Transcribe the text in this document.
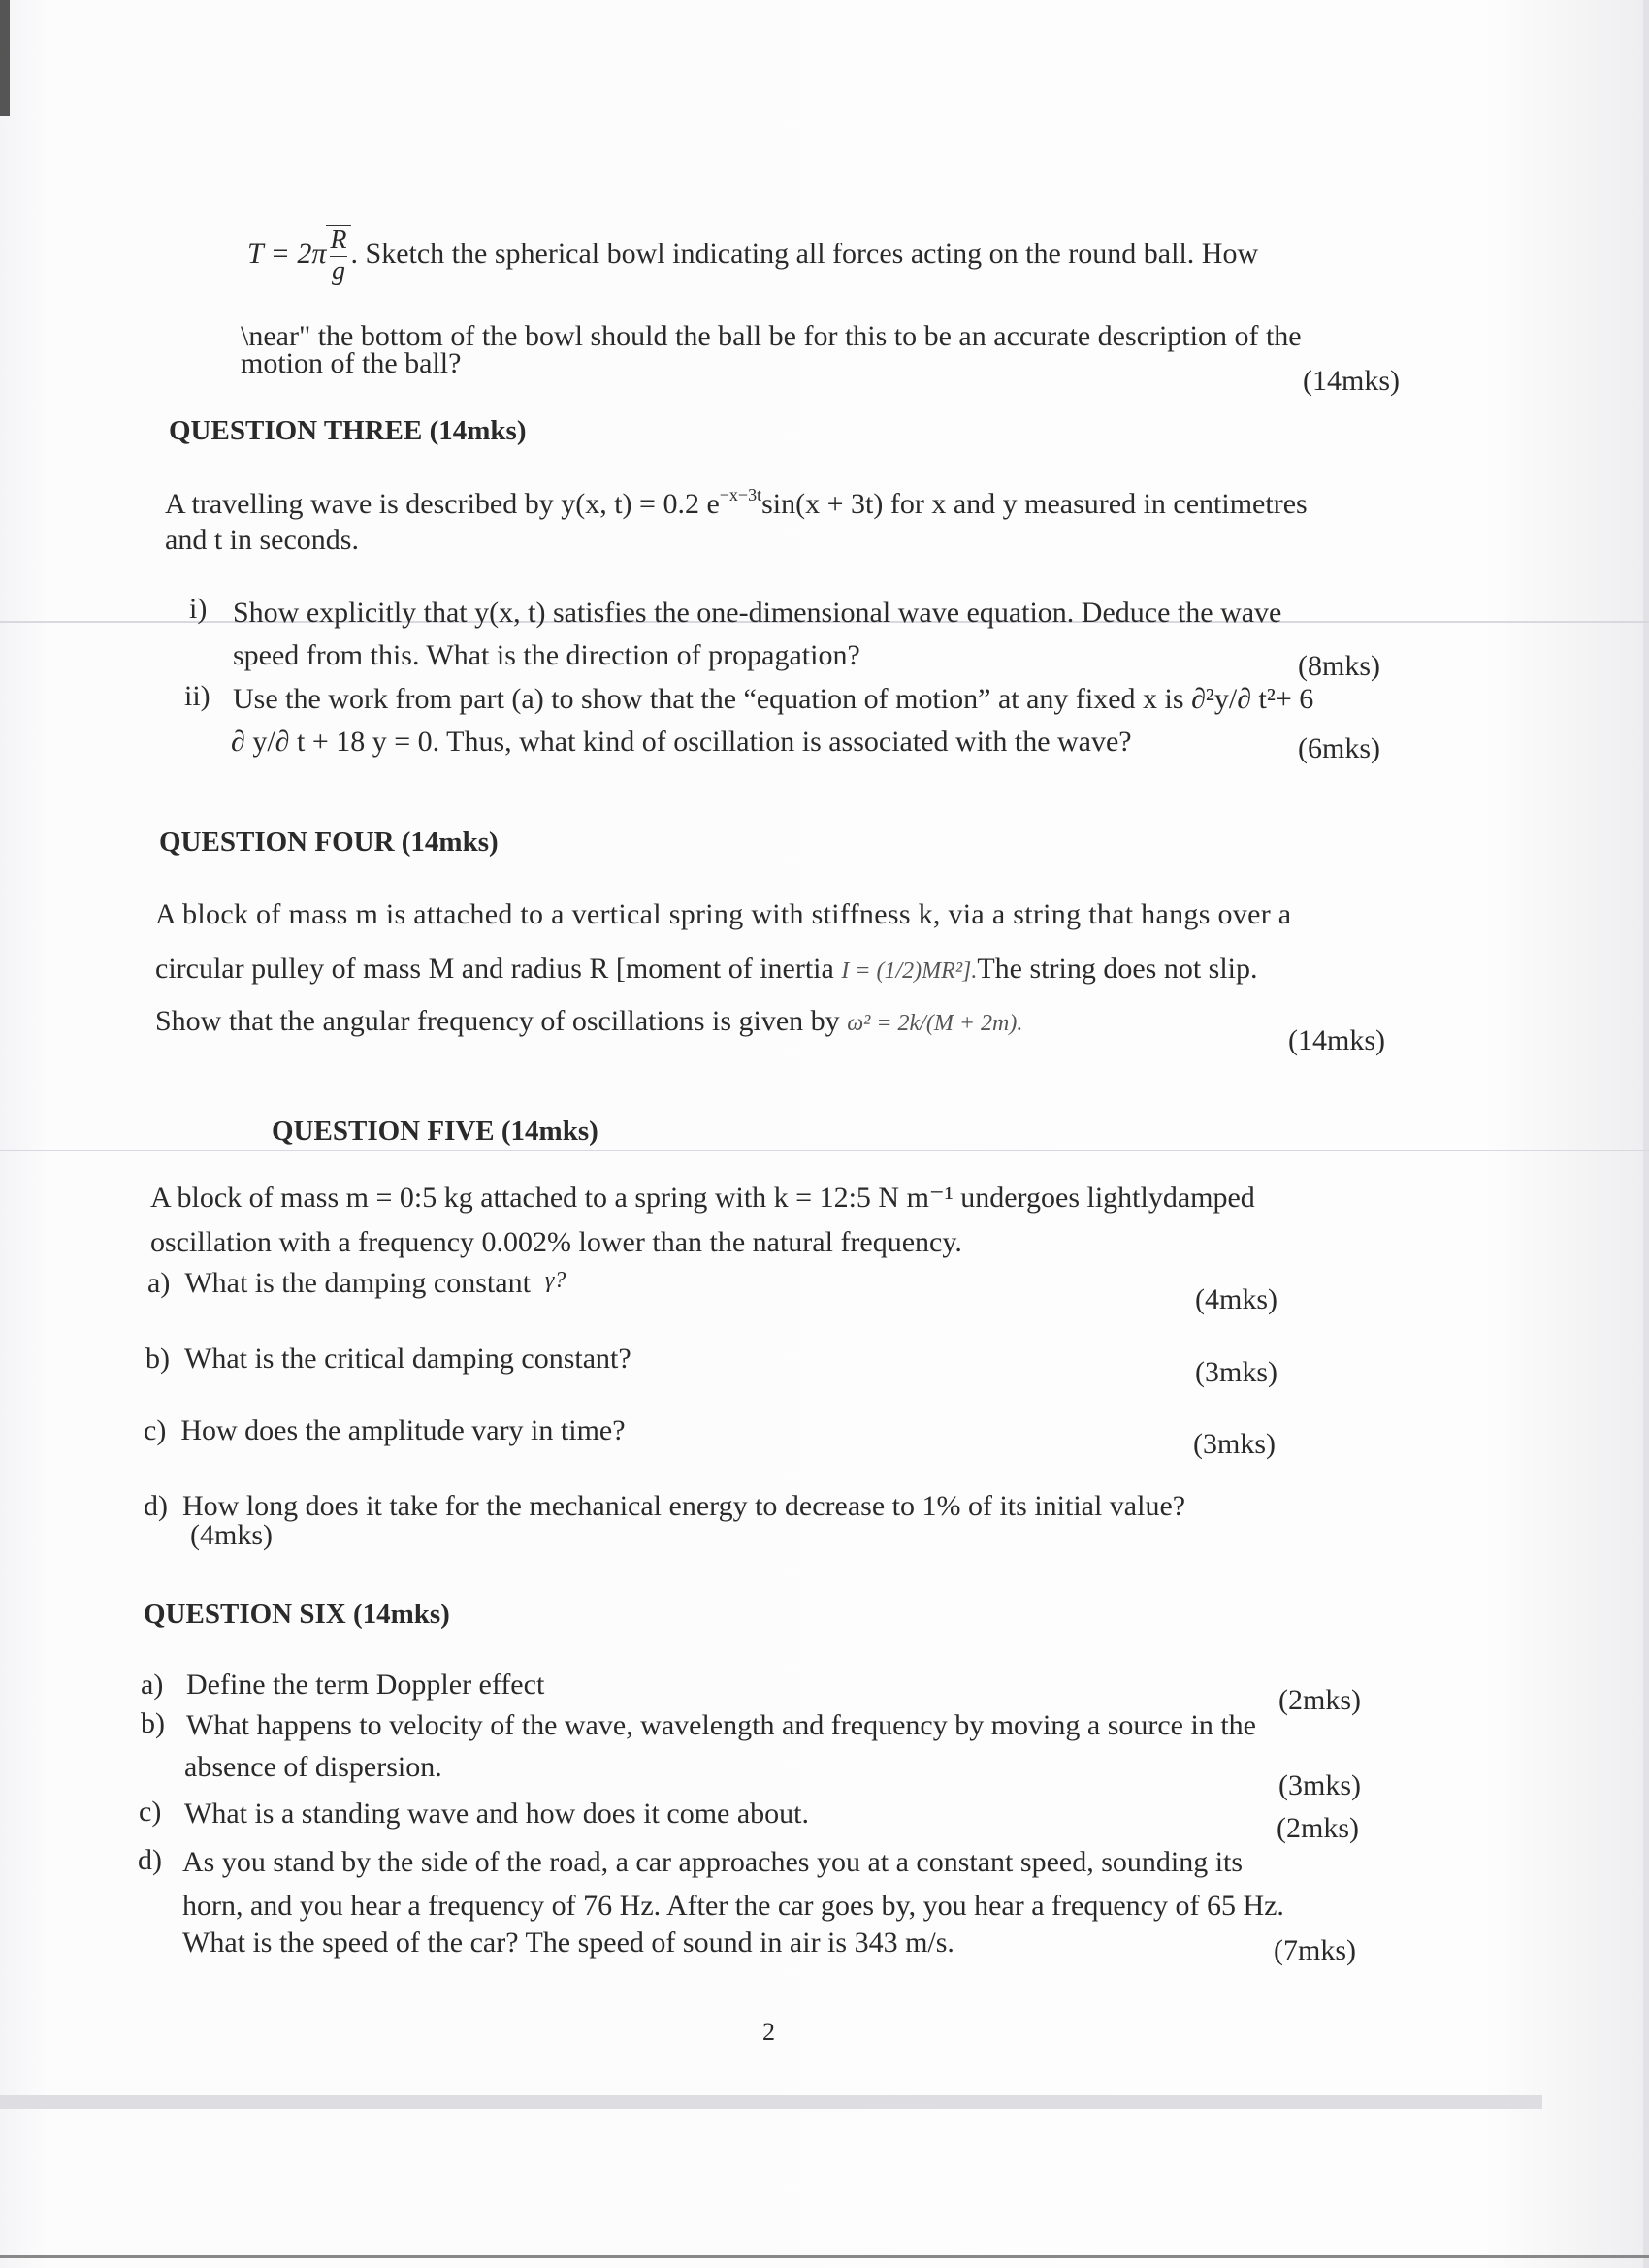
$T = 2\pi \frac{R}{g}$ . Sketch the spherical bowl indicating all forces acting on the round ball. How
\near" the bottom of the bowl should the ball be for this to be an accurate description of the
motion of the ball?
(14mks)
QUESTION THREE (14mks)
A travelling wave is described by y(x, t) = 0.2 $e^{-x-3t}\sin(x + 3t)$ for x and y measured in centimetres
and t in seconds.
i) Show explicitly that y(x, t) satisfies the one-dimensional wave equation. Deduce the wave
speed from this. What is the direction of propagation?	(8mks)
ii) Use the work from part (a) to show that the “equation of motion” at any fixed x is ∂²y/∂ t²+ 6
∂ y/∂ t + 18 y = 0. Thus, what kind of oscillation is associated with the wave?	(6mks)
QUESTION FOUR (14mks)
A block of mass m is attached to a vertical spring with stiffness k, via a string that hangs over a
circular pulley of mass M and radius R [moment of inertia I = (1/2)MR²].The string does not slip.
Show that the angular frequency of oscillations is given by ω² = 2k/(M + 2m).
(14mks)
QUESTION FIVE (14mks)
A block of mass m = 0:5 kg attached to a spring with k = 12:5 N m⁻¹ undergoes lightlydamped
oscillation with a frequency 0.002% lower than the natural frequency.
a) What is the damping constant $^{\gamma?}$
(4mks)
b) What is the critical damping constant?	(3mks)
c) How does the amplitude vary in time?	(3mks)
d) How long does it take for the mechanical energy to decrease to 1% of its initial value?
(4mks)
QUESTION SIX (14mks)
a) Define the term Doppler effect	(2mks)
b) What happens to velocity of the wave, wavelength and frequency by moving a source in the
absence of dispersion.
(3mks)
c) What is a standing wave and how does it come about.	(2mks)
d) As you stand by the side of the road, a car approaches you at a constant speed, sounding its
horn, and you hear a frequency of 76 Hz. After the car goes by, you hear a frequency of 65 Hz.
What is the speed of the car? The speed of sound in air is 343 m/s.	(7mks)
2
